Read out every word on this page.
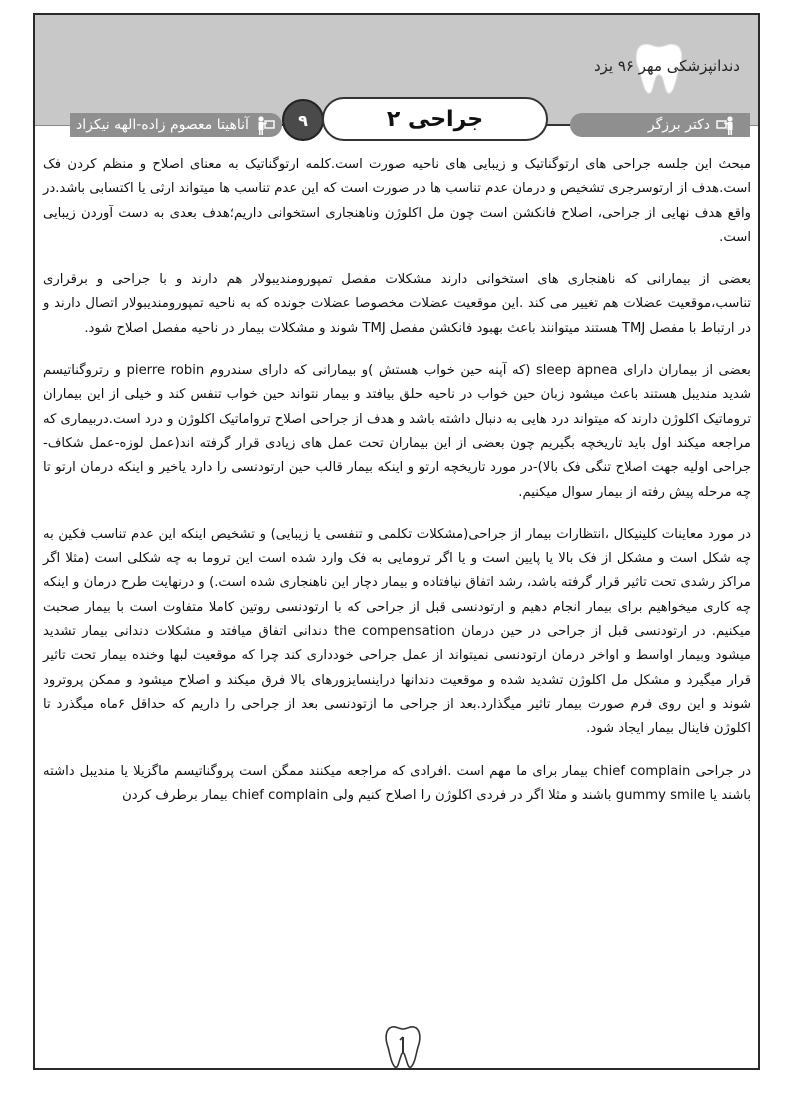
دندانپزشکی مهر ۹۶ یزد
آناهیتا معصوم زاده-الهه نیکزاد	۹	جراحی ۲	دکتر برزگر

مبحث این جلسه جراحی های ارتوگناتیک و زیبایی های ناحیه صورت است.کلمه ارتوگناتیک به معنای اصلاح و منظم کردن فک است.هدف از ارتوسرجری تشخیص و درمان عدم تناسب ها در صورت است که این عدم تناسب ها میتواند ارثی یا اکتسابی باشد.در واقع هدف نهایی از جراحی، اصلاح فانکشن است چون مل اکلوژن وناهنجاری استخوانی داریم؛هدف بعدی به دست آوردن زیبایی است.

بعضی از بیمارانی که ناهنجاری های استخوانی دارند مشکلات مفصل تمپورومندیبولار هم دارند و با جراحی و برقراری تناسب،موقعیت عضلات هم تغییر می کند .این موقعیت عضلات مخصوصا عضلات جونده که به ناحیه تمپورومندیبولار اتصال دارند و در ارتباط با مفصل TMJ هستند میتوانند باعث بهبود فانکشن مفصل TMJ شوند و مشکلات بیمار در ناحیه مفصل اصلاح شود.

بعضی از بیماران دارای sleep apnea (که آپنه حین خواب هستش )و بیمارانی که دارای سندروم pierre robin و رتروگناتیسم شدید مندیبل هستند باعث میشود زبان حین خواب در ناحیه حلق بیافتد و بیمار نتواند حین خواب تنفس کند و خیلی از این بیماران تروماتیک اکلوژن دارند که میتواند درد هایی به دنبال داشته باشد و هدف از جراحی اصلاح ترواماتیک اکلوژن و درد است.دربیماری که مراجعه میکند اول باید تاریخچه بگیریم چون بعضی از این بیماران تحت عمل های زیادی قرار گرفته اند(عمل لوزه-عمل شکاف-جراحی اولیه جهت اصلاح تنگی فک بالا)-در مورد تاریخچه ارتو و اینکه بیمار قالب حین ارتودنسی را دارد یاخیر و اینکه درمان ارتو تا چه مرحله پیش رفته از بیمار سوال میکنیم.

در مورد معاینات کلینیکال ،انتظارات بیمار از جراحی(مشکلات تکلمی و تنفسی یا زیبایی) و تشخیص اینکه این عدم تناسب فکین به چه شکل است و مشکل از فک بالا یا پایین است و یا اگر ترومایی به فک وارد شده است این تروما به چه شکلی است (مثلا اگر مراکز رشدی تحت تاثیر قرار گرفته باشد، رشد اتفاق نیافتاده و بیمار دچار این ناهنجاری شده است.) و درنهایت طرح درمان و اینکه چه کاری میخواهیم برای بیمار انجام دهیم و ارتودنسی قبل از جراحی که با ارتودنسی روتین کاملا متفاوت است با بیمار صحبت میکنیم. در ارتودنسی قبل از جراحی در حین درمان the compensation دندانی اتفاق میافتد و مشکلات دندانی بیمار تشدید میشود وبیمار اواسط و اواخر درمان ارتودنسی نمیتواند از عمل جراحی خودداری کند چرا که موقعیت لبها وخنده بیمار تحت تاثیر قرار میگیرد و مشکل مل اکلوژن تشدید شده و موقعیت دندانها دراینسایزورهای بالا فرق میکند و اصلاح میشود و ممکن پروترود شوند و این روی فرم صورت بیمار تاثیر میگذارد.بعد از جراحی ما ازتودنسی بعد از جراحی را داریم که حداقل ۶ماه میگذرد تا اکلوژن فاینال بیمار ایجاد شود.

در جراحی chief complain بیمار برای ما مهم است .افرادی که مراجعه میکنند ممگن است پروگناتیسم ماگزیلا یا مندیبل داشته باشند یا gummy smile باشند و مثلا اگر در فردی اکلوژن را اصلاح کنیم ولی chief complain بیمار برطرف کردن
